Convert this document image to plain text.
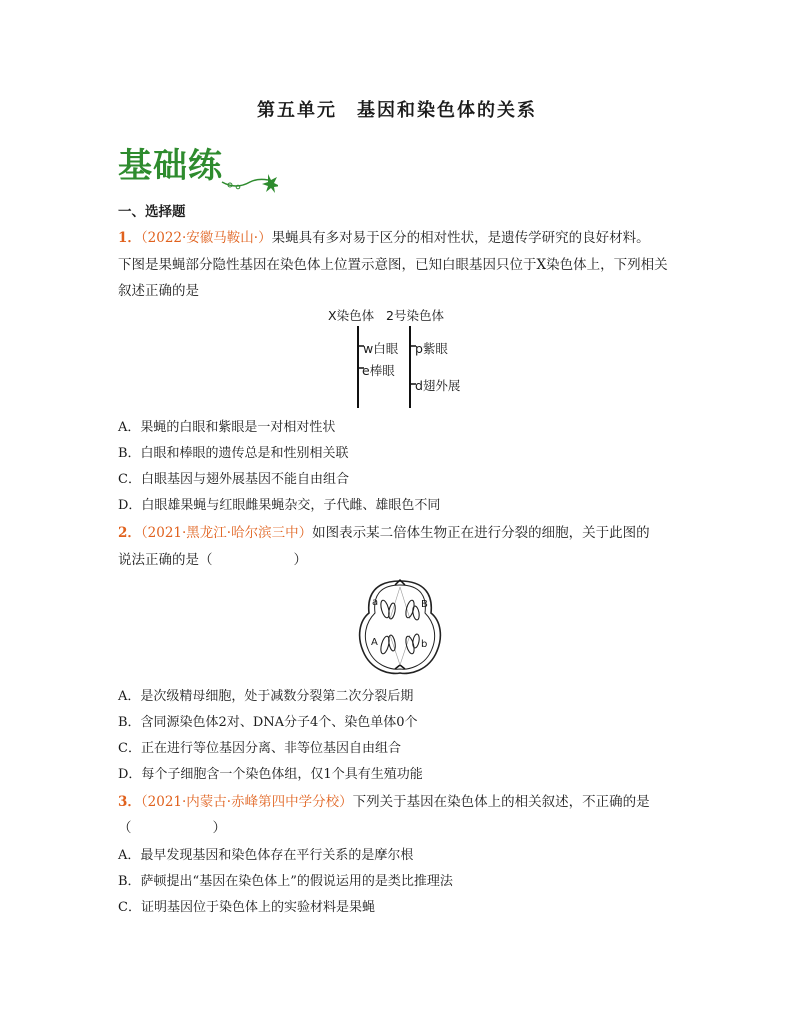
第五单元　基因和染色体的关系
基础练
一、选择题
1．（2022·安徽马鞍山·）果蝇具有多对易于区分的相对性状，是遗传学研究的良好材料。
下图是果蝇部分隐性基因在染色体上位置示意图，已知白眼基因只位于X染色体上，下列相关
叙述正确的是
X染色体 2号染色体
w白眼
e棒眼
p紫眼
d翅外展
A．果蝇的白眼和紫眼是一对相对性状
B．白眼和棒眼的遗传总是和性别相关联
C．白眼基因与翅外展基因不能自由组合
D．白眼雄果蝇与红眼雌果蝇杂交，子代雌、雄眼色不同
2．（2021·黑龙江·哈尔滨三中）如图表示某二倍体生物正在进行分裂的细胞，关于此图的
说法正确的是（　　　　　　）
a	B
A	b
A．是次级精母细胞，处于减数分裂第二次分裂后期
B．含同源染色体2对、DNA分子4个、染色单体0个
C．正在进行等位基因分离、非等位基因自由组合
D．每个子细胞含一个染色体组，仅1个具有生殖功能
3．（2021·内蒙古·赤峰第四中学分校）下列关于基因在染色体上的相关叙述，不正确的是
（　　　　　　）
A．最早发现基因和染色体存在平行关系的是摩尔根
B．萨顿提出“基因在染色体上”的假说运用的是类比推理法
C．证明基因位于染色体上的实验材料是果蝇
